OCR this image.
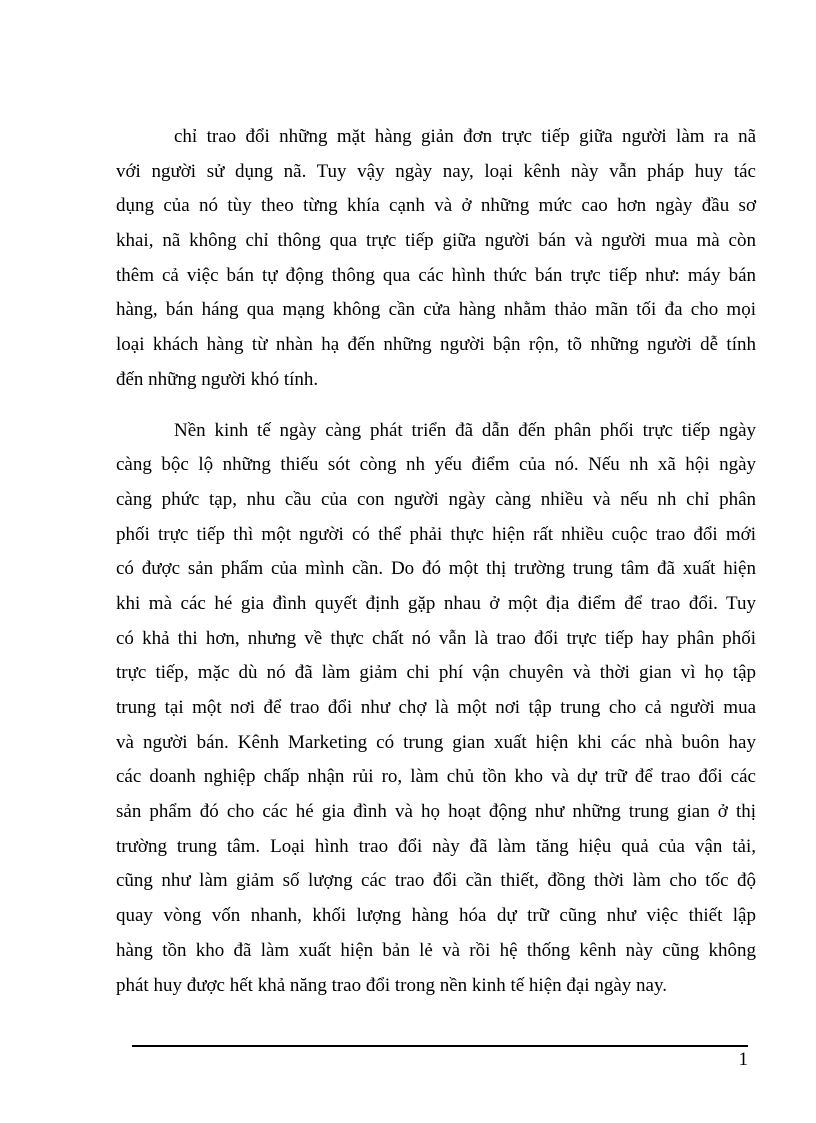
chỉ trao đổi những mặt hàng giản đơn trực tiếp giữa người làm ra nã
với người sử dụng nã. Tuy vậy ngày nay, loại kênh này vẫn pháp huy tác
dụng của nó tùy theo từng khía cạnh và ở những mức cao hơn ngày đầu sơ
khai, nã không chỉ thông qua trực tiếp giữa người bán và người mua mà còn
thêm cả việc bán tự động thông qua các hình thức bán trực tiếp như: máy bán
hàng, bán háng qua mạng không cần cửa hàng nhằm thảo mãn tối đa cho mọi
loại khách hàng từ nhàn hạ đến những người bận rộn, tõ những người dễ tính
đến những người khó tính.
Nền kinh tế ngày càng phát triển đã dẫn đến phân phối trực tiếp ngày
càng bộc lộ những thiếu sót còng nh yếu điểm của nó. Nếu nh xã hội ngày
càng phức tạp, nhu cầu của con người ngày càng nhiều và nếu nh chỉ phân
phối trực tiếp thì một người có thể phải thực hiện rất nhiều cuộc trao đổi mới
có được sản phẩm của mình cần. Do đó một thị trường trung tâm đã xuất hiện
khi mà các hé gia đình quyết định gặp nhau ở một địa điểm để trao đổi. Tuy
có khả thi hơn, nhưng về thực chất nó vẫn là trao đổi trực tiếp hay phân phối
trực tiếp, mặc dù nó đã làm giảm chi phí vận chuyên và thời gian vì họ tập
trung tại một nơi để trao đổi như chợ là một nơi tập trung cho cả người mua
và người bán. Kênh Marketing có trung gian xuất hiện khi các nhà buôn hay
các doanh nghiệp chấp nhận rủi ro, làm chủ tồn kho và dự trữ để trao đổi các
sản phẩm đó cho các hé gia đình và họ hoạt động như những trung gian ở thị
trường trung tâm. Loại hình trao đổi này đã làm tăng hiệu quả của vận tải,
cũng như làm giảm số lượng các trao đổi cần thiết, đồng thời làm cho tốc độ
quay vòng vốn nhanh, khối lượng hàng hóa dự trữ cũng như việc thiết lập
hàng tồn kho đã làm xuất hiện bản lẻ và rồi hệ thống kênh này cũng không
phát huy được hết khả năng trao đổi trong nền kinh tế hiện đại ngày nay.
1
